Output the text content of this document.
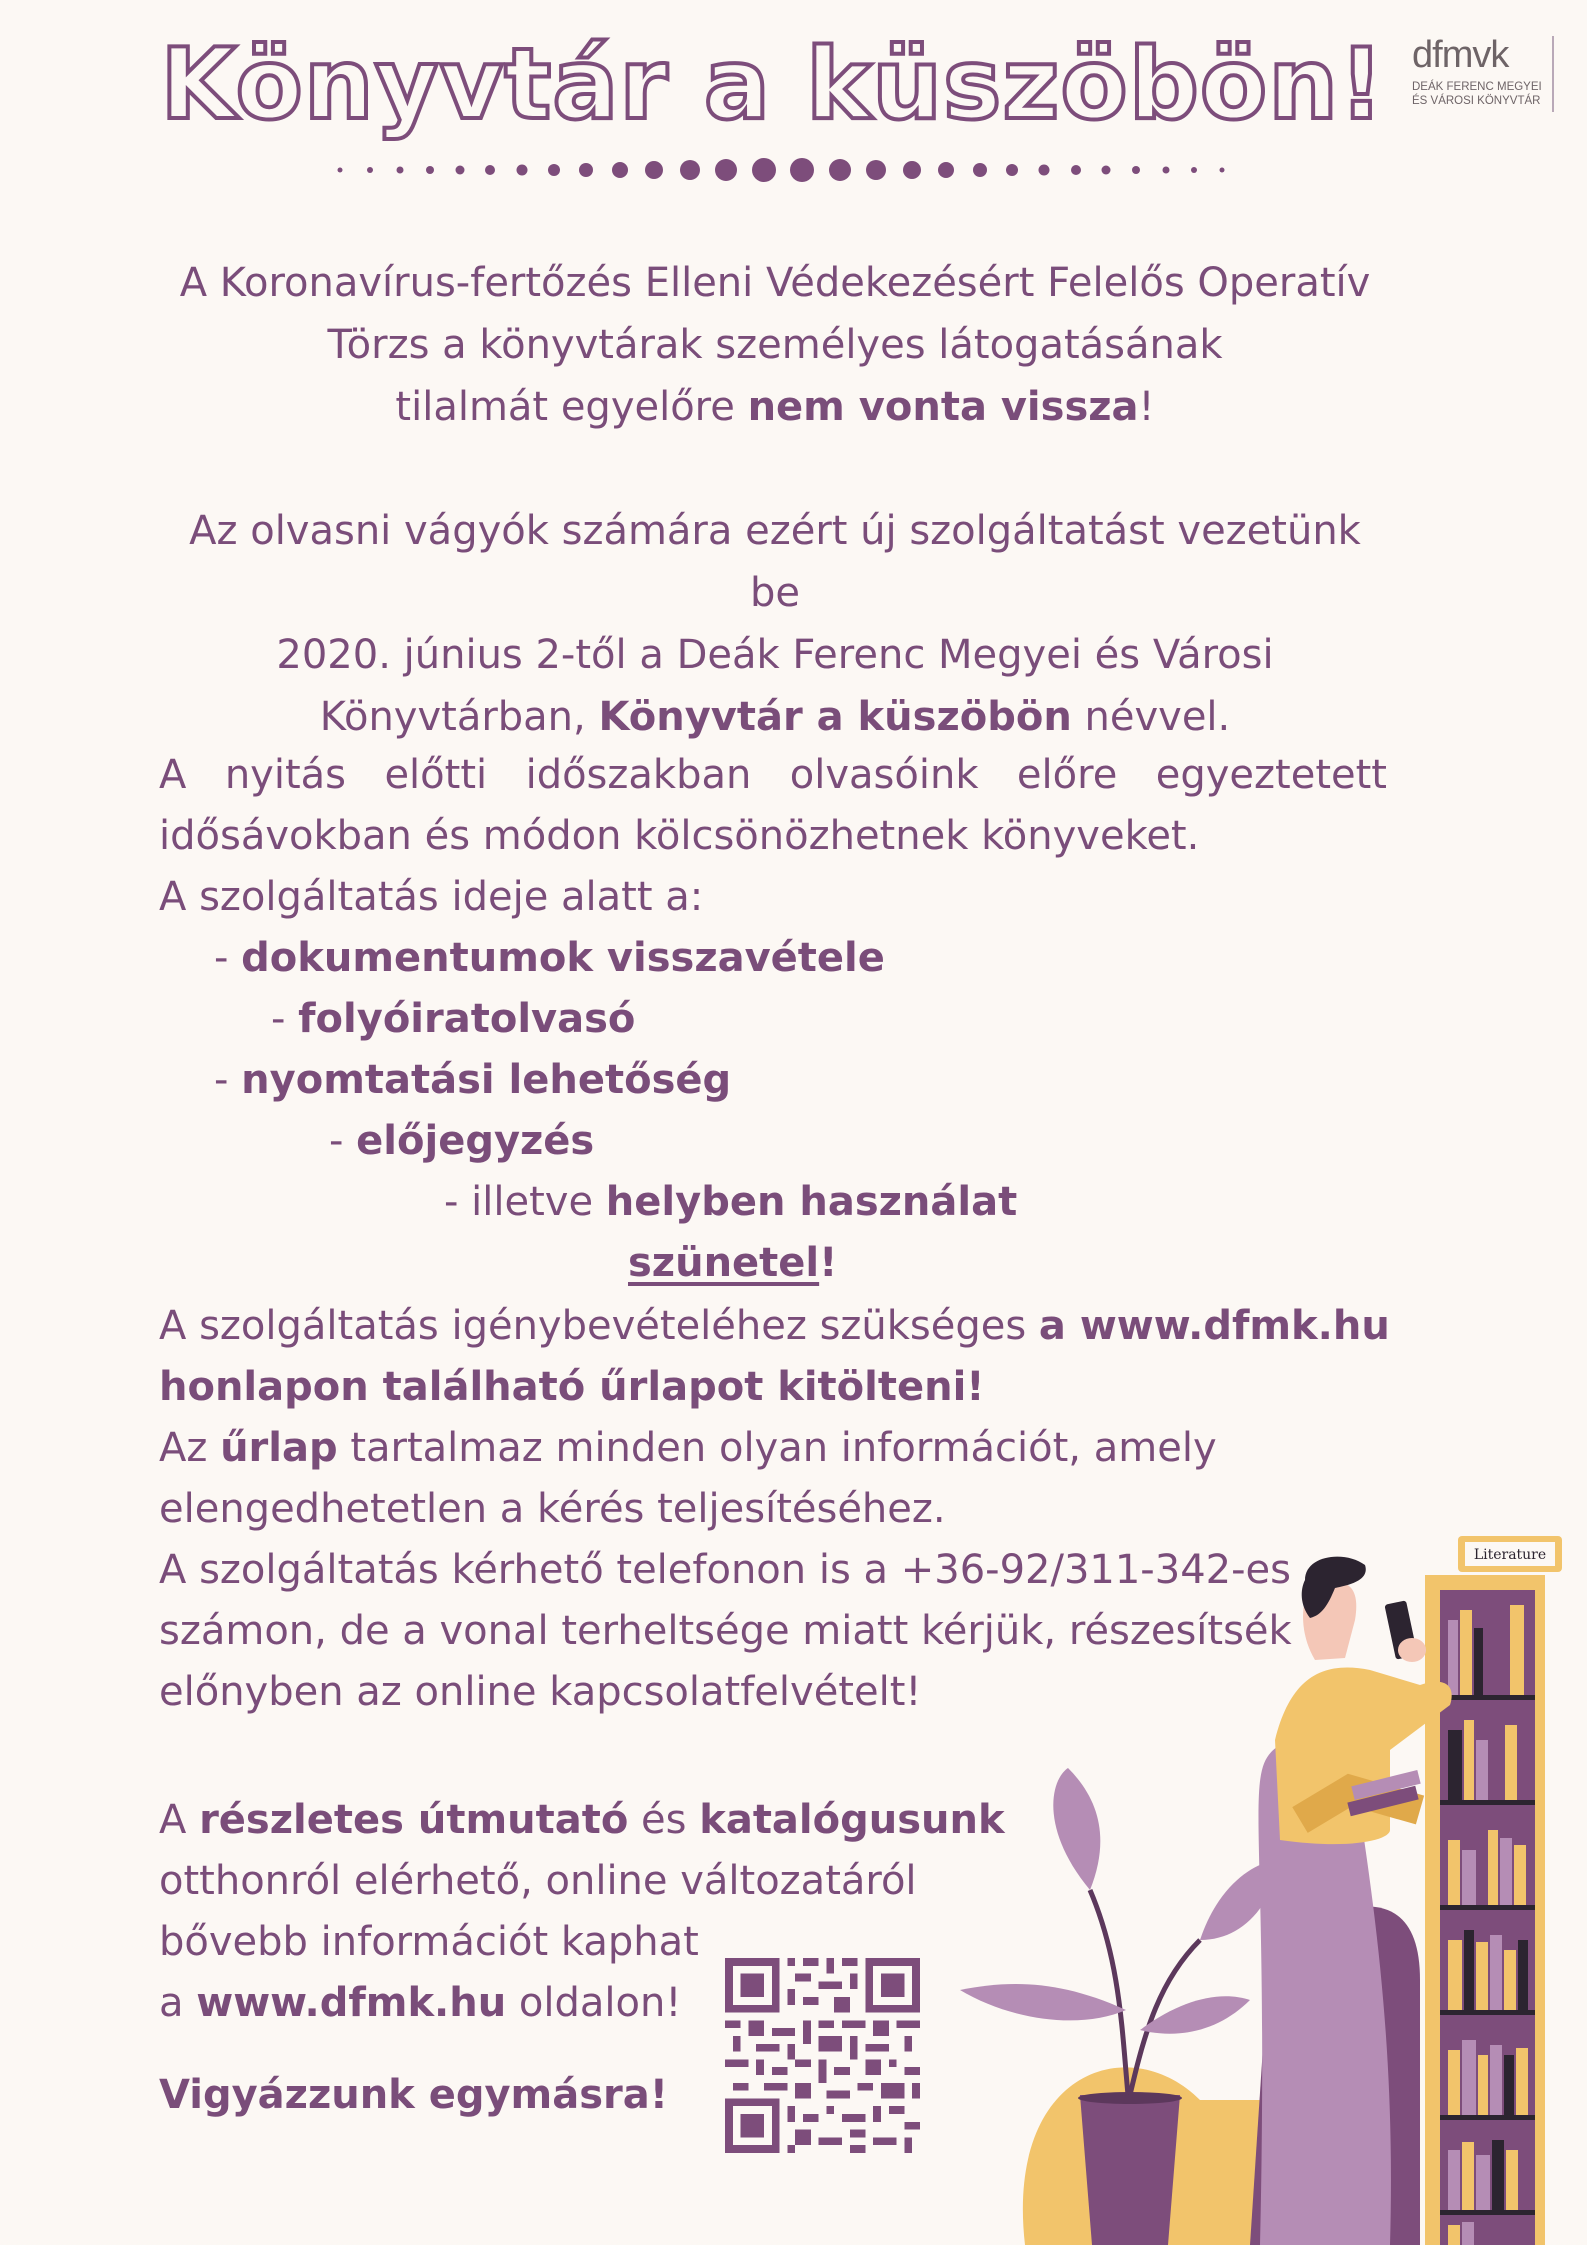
Könyvtár a küszöbön! dfmvk
DEÁK FERENC MEGYEI
ÉS VÁROSI KÖNYVTÁR
A Koronavírus-fertőzés Elleni Védekezésért Felelős Operatív
Törzs a könyvtárak személyes látogatásának
tilalmát egyelőre nem vonta vissza!
Az olvasni vágyók számára ezért új szolgáltatást vezetünk be
2020. június 2-től a Deák Ferenc Megyei és Városi
Könyvtárban, Könyvtár a küszöbön névvel.
A nyitás előtti időszakban olvasóink előre egyeztetett
idősávokban és módon kölcsönözhetnek könyveket.
A szolgáltatás ideje alatt a:
- dokumentumok visszavétele
- folyóiratolvasó
- nyomtatási lehetőség
- előjegyzés
- illetve helyben használat
szünetel!
A szolgáltatás igénybevételéhez szükséges a www.dfmk.hu
honlapon található űrlapot kitölteni!
Az űrlap tartalmaz minden olyan információt, amely
elengedhetetlen a kérés teljesítéséhez.
A szolgáltatás kérhető telefonon is a +36-92/311-342-es
számon, de a vonal terheltsége miatt kérjük, részesítsék
előnyben az online kapcsolatfelvételt!
A részletes útmutató és katalógusunk
otthonról elérhető, online változatáról
bővebb információt kaphat
a www.dfmk.hu oldalon!
Vigyázzunk egymásra!
Literature
